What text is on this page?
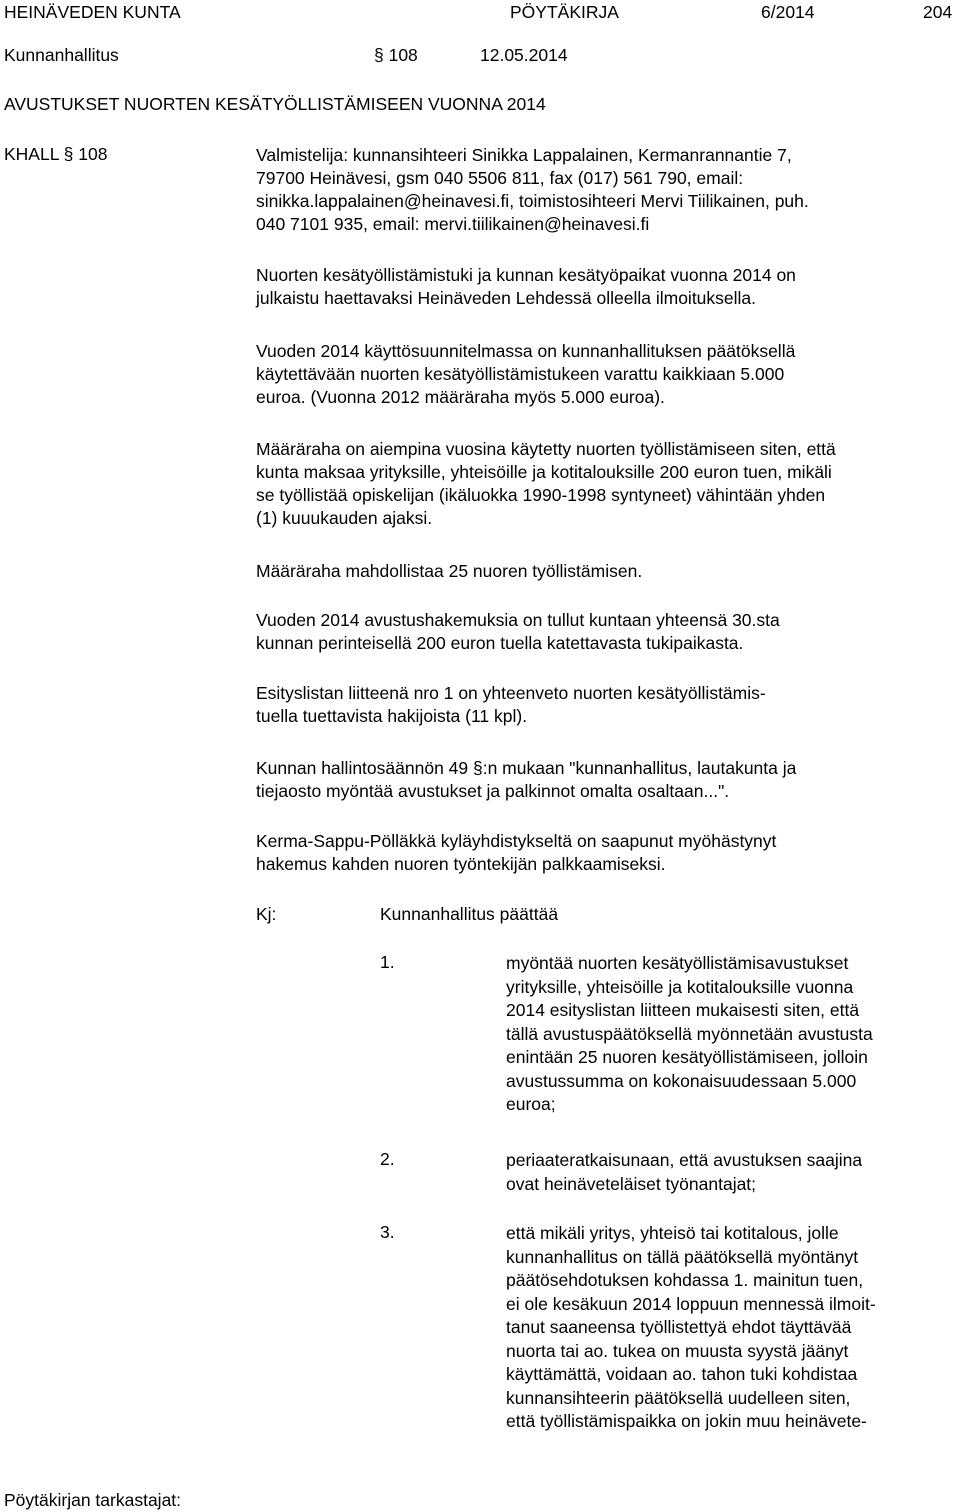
HEINÄVEDEN KUNTA	PÖYTÄKIRJA	6/2014	204
Kunnanhallitus	§ 108	12.05.2014
AVUSTUKSET NUORTEN KESÄTYÖLLISTÄMISEEN VUONNA 2014
KHALL § 108	Valmistelija: kunnansihteeri Sinikka Lappalainen, Kermanrannantie 7,
79700 Heinävesi, gsm 040 5506 811, fax (017) 561 790, email:
sinikka.lappalainen@heinavesi.fi, toimistosihteeri Mervi Tiilikainen, puh.
040 7101 935, email: mervi.tiilikainen@heinavesi.fi
Nuorten kesätyöllistämistuki ja kunnan kesätyöpaikat vuonna 2014 on
julkaistu haettavaksi Heinäveden Lehdessä olleella ilmoituksella.
Vuoden 2014 käyttösuunnitelmassa on kunnanhallituksen päätöksellä
käytettävään nuorten kesätyöllistämistukeen varattu kaikkiaan 5.000
euroa. (Vuonna 2012 määräraha myös 5.000 euroa).
Määräraha on aiempina vuosina käytetty nuorten työllistämiseen siten, että
kunta maksaa yrityksille, yhteisöille ja kotitalouksille 200 euron tuen, mikäli
se työllistää opiskelijan (ikäluokka 1990-1998 syntyneet) vähintään yhden
(1) kuuukauden ajaksi.
Määräraha mahdollistaa 25 nuoren työllistämisen.
Vuoden 2014 avustushakemuksia on tullut kuntaan yhteensä 30.sta
kunnan perinteisellä 200 euron tuella katettavasta tukipaikasta.
Esityslistan liitteenä nro 1 on yhteenveto nuorten kesätyöllistämis-
tuella tuettavista hakijoista (11 kpl).
Kunnan hallintosäännön 49 §:n mukaan "kunnanhallitus, lautakunta ja
tiejaosto myöntää avustukset ja palkinnot omalta osaltaan...".
Kerma-Sappu-Pölläkkä kyläyhdistykseltä on saapunut myöhästynyt
hakemus kahden nuoren työntekijän palkkaamiseksi.
Kj:	Kunnanhallitus päättää
1.	myöntää nuorten kesätyöllistämisavustukset
yrityksille, yhteisöille ja kotitalouksille vuonna
2014 esityslistan liitteen mukaisesti siten, että
tällä avustuspäätöksellä myönnetään avustusta
enintään 25 nuoren kesätyöllistämiseen, jolloin
avustussumma on kokonaisuudessaan 5.000
euroa;
2.	periaateratkaisunaan, että avustuksen saajina
ovat heinäveteläiset työnantajat;
3.	että mikäli yritys, yhteisö tai kotitalous, jolle
kunnanhallitus on tällä päätöksellä myöntänyt
päätösehdotuksen kohdassa 1. mainitun tuen,
ei ole kesäkuun 2014 loppuun mennessä ilmoit-
tanut saaneensa työllistettyä ehdot täyttävää
nuorta tai ao. tukea on muusta syystä jäänyt
käyttämättä, voidaan ao. tahon tuki kohdistaa
kunnansihteerin päätöksellä uudelleen siten,
että työllistämispaikka on jokin muu heinävete-
Pöytäkirjan tarkastajat:
